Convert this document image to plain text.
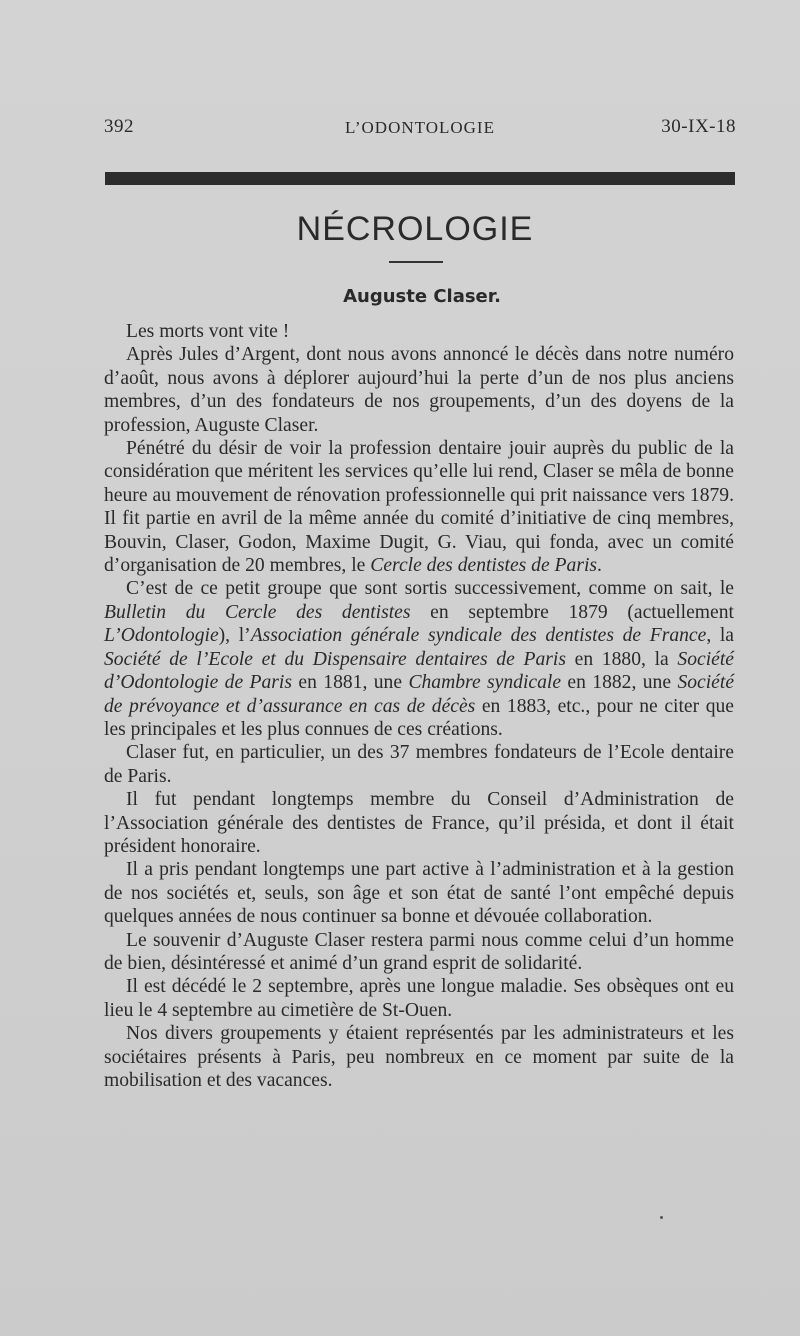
392	L’ODONTOLOGIE	30-IX-18
NÉCROLOGIE
Auguste Claser.

Les morts vont vite !

Après Jules d’Argent, dont nous avons annoncé le décès dans notre numéro d’août, nous avons à déplorer aujourd’hui la perte d’un de nos plus anciens membres, d’un des fondateurs de nos groupements, d’un des doyens de la profession, Auguste Claser.

Pénétré du désir de voir la profession dentaire jouir auprès du public de la considération que méritent les services qu’elle lui rend, Claser se mêla de bonne heure au mouvement de rénovation professionnelle qui prit naissance vers 1879. Il fit partie en avril de la même année du comité d’initiative de cinq membres, Bouvin, Claser, Godon, Maxime Dugit, G. Viau, qui fonda, avec un comité d’organisation de 20 membres, le Cercle des dentistes de Paris.

C’est de ce petit groupe que sont sortis successivement, comme on sait, le Bulletin du Cercle des dentistes en septembre 1879 (actuellement L’Odontologie), l’Association générale syndicale des dentistes de France, la Société de l’Ecole et du Dispensaire dentaires de Paris en 1880, la Société d’Odontologie de Paris en 1881, une Chambre syndicale en 1882, une Société de prévoyance et d’assurance en cas de décès en 1883, etc., pour ne citer que les principales et les plus connues de ces créations.

Claser fut, en particulier, un des 37 membres fondateurs de l’Ecole dentaire de Paris.

Il fut pendant longtemps membre du Conseil d’Administration de l’Association générale des dentistes de France, qu’il présida, et dont il était président honoraire.

Il a pris pendant longtemps une part active à l’administration et à la gestion de nos sociétés et, seuls, son âge et son état de santé l’ont empêché depuis quelques années de nous continuer sa bonne et dévouée collaboration.

Le souvenir d’Auguste Claser restera parmi nous comme celui d’un homme de bien, désintéressé et animé d’un grand esprit de solidarité.

Il est décédé le 2 septembre, après une longue maladie. Ses obsèques ont eu lieu le 4 septembre au cimetière de St-Ouen.

Nos divers groupements y étaient représentés par les administrateurs et les sociétaires présents à Paris, peu nombreux en ce moment par suite de la mobilisation et des vacances.
